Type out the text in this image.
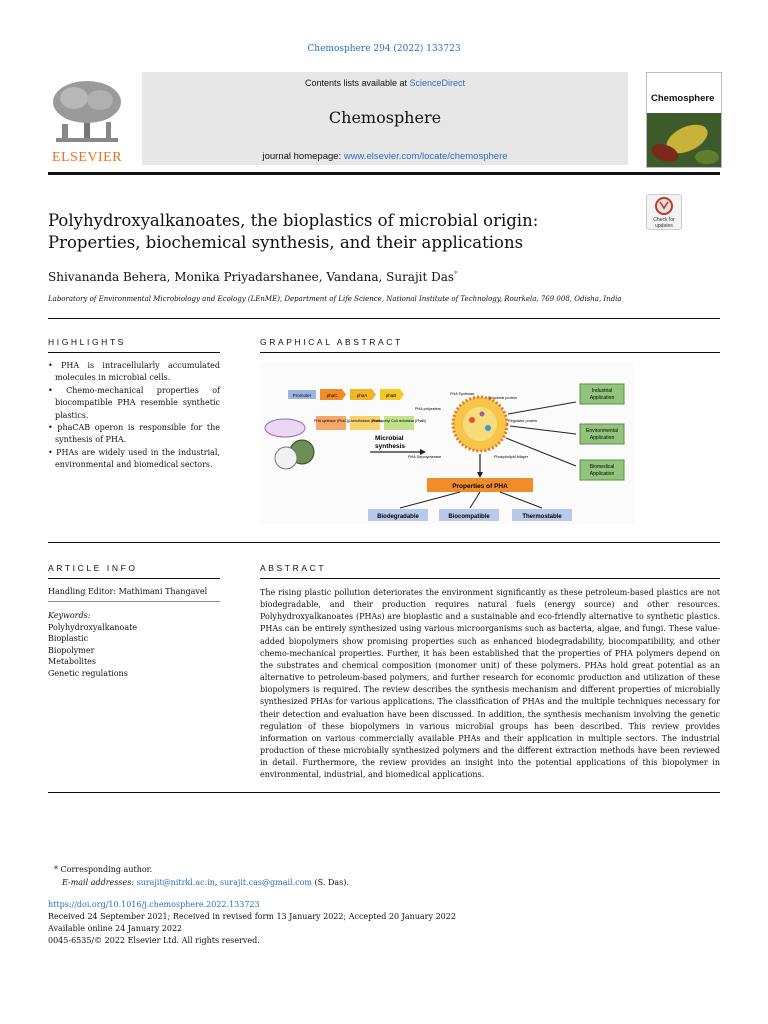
Chemosphere 294 (2022) 133723
ELSEVIER
Contents lists available at ScienceDirect
Chemosphere
journal homepage: www.elsevier.com/locate/chemosphere
Chemosphere
Polyhydroxyalkanoates, the bioplastics of microbial origin: Properties, biochemical synthesis, and their applications
Check for
updates
Shivananda Behera, Monika Priyadarshanee, Vandana, Surajit Das*
Laboratory of Environmental Microbiology and Ecology (LEnME), Department of Life Science, National Institute of Technology, Rourkela, 769 008, Odisha, India
HIGHLIGHTS
• PHA is intracellularly accumulated molecules in microbial cells.
• Chemo-mechanical properties of biocompatible PHA resemble synthetic plastics.
• phaCAB operon is responsible for the synthesis of PHA.
• PHAs are widely used in the industrial, environmental and biomedical sectors.
GRAPHICAL ABSTRACT
Promoter	phaC	phaA	phaB
PHA synthase (PhaC) β-ketothiolase (PhaA)
Acetoacetyl CoA reductase (PhaB)
Microbial
synthesis
PHA Synthase
Structural protein
PHA polyesters
Regulator protein
PHA Depolymerase	Phospholipid bilayer
Industrial
Application
Environmental
Application
Biomedical
Application
Properties of PHA
Biodegradable	Biocompatible	Thermostable
ARTICLE INFO
Handling Editor: Mathimani Thangavel
Keywords:
Polyhydroxyalkanoate
Bioplastic
Biopolymer
Metabolites
Genetic regulations
ABSTRACT

The rising plastic pollution deteriorates the environment significantly as these petroleum-based plastics are not biodegradable, and their production requires natural fuels (energy source) and other resources. Polyhydroxyalkanoates (PHAs) are bioplastic and a sustainable and eco-friendly alternative to synthetic plastics. PHAs can be entirely synthesized using various microorganisms such as bacteria, algae, and fungi. These value-added biopolymers show promising properties such as enhanced biodegradability, biocompatibility, and other chemo-mechanical properties. Further, it has been established that the properties of PHA polymers depend on the substrates and chemical composition (monomer unit) of these polymers. PHAs hold great potential as an alternative to petroleum-based polymers, and further research for economic production and utilization of these biopolymers is required. The review describes the synthesis mechanism and different properties of microbially synthesized PHAs for various applications. The classification of PHAs and the multiple techniques necessary for their detection and evaluation have been discussed. In addition, the synthesis mechanism involving the genetic regulation of these biopolymers in various microbial groups has been described. This review provides information on various commercially available PHAs and their application in multiple sectors. The industrial production of these microbially synthesized polymers and the different extraction methods have been reviewed in detail. Furthermore, the review provides an insight into the potential applications of this biopolymer in environmental, industrial, and biomedical applications.

* Corresponding author.
E-mail addresses: surajit@nitrkl.ac.in, surajit.cas@gmail.com (S. Das).
https://doi.org/10.1016/j.chemosphere.2022.133723
Received 24 September 2021; Received in revised form 13 January 2022; Accepted 20 January 2022
Available online 24 January 2022
0045-6535/© 2022 Elsevier Ltd. All rights reserved.
